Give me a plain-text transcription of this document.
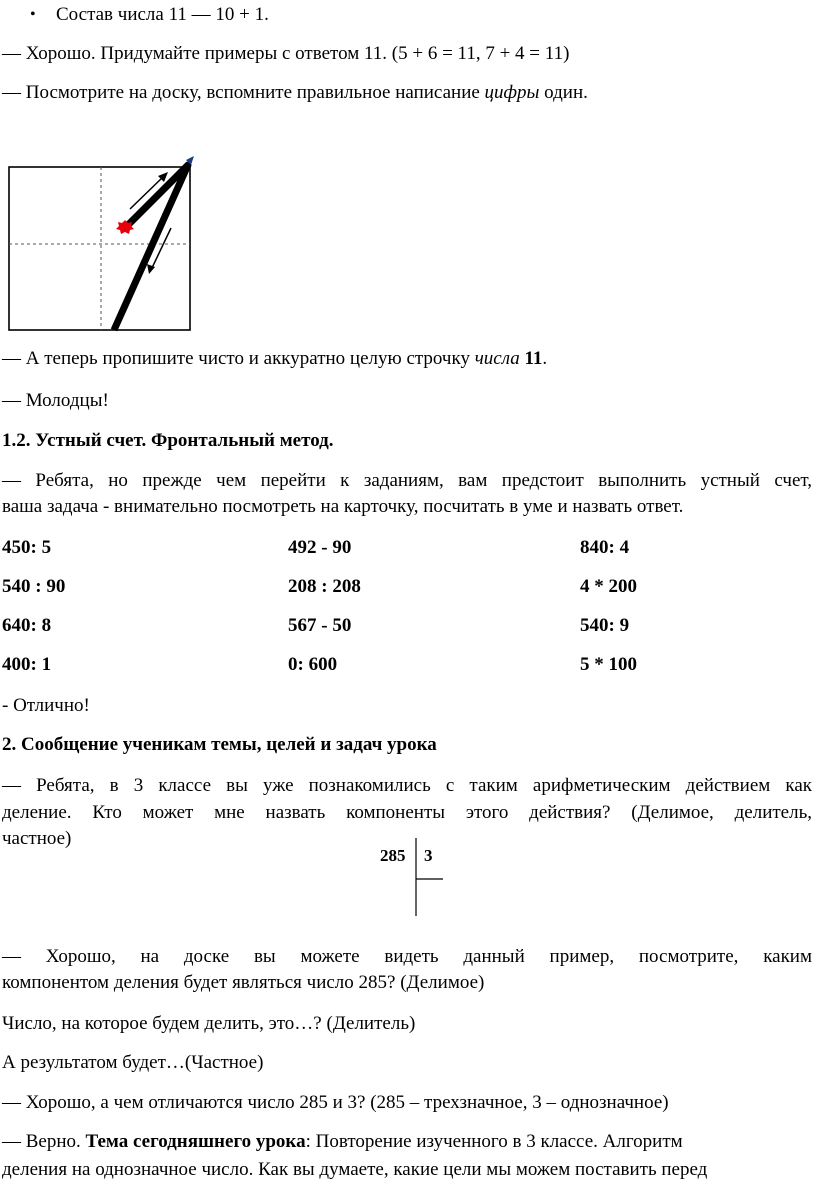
• Состав числа 11 — 10 + 1.
— Хорошо. Придумайте примеры с ответом 11. (5 + 6 = 11, 7 + 4 = 11)
— Посмотрите на доску, вспомните правильное написание цифры один.
— А теперь пропишите чисто и аккуратно целую строчку числа 11.
— Молодцы!
1.2. Устный счет. Фронтальный метод.
— Ребята, но прежде чем перейти к заданиям, вам предстоит выполнить устный счет,
ваша задача - внимательно посмотреть на карточку, посчитать в уме и назвать ответ.
450: 5	492 - 90	840: 4
540 : 90	208 : 208	4 * 200
640: 8	567 - 50	540: 9
400: 1	0: 600	5 * 100
- Отлично!
2. Сообщение ученикам темы, целей и задач урока
— Ребята, в 3 классе вы уже познакомились с таким арифметическим действием как
деление. Кто может мне назвать компоненты этого действия? (Делимое, делитель,
частное)
285 3
— Хорошо, на доске вы можете видеть данный пример, посмотрите, каким
компонентом деления будет являться число 285? (Делимое)
Число, на которое будем делить, это…? (Делитель)
А результатом будет…(Частное)
— Хорошо, а чем отличаются число 285 и 3? (285 – трехзначное, 3 – однозначное)
— Верно. Тема сегодняшнего урока: Повторение изученного в 3 классе. Алгоритм
деления на однозначное число. Как вы думаете, какие цели мы можем поставить перед
